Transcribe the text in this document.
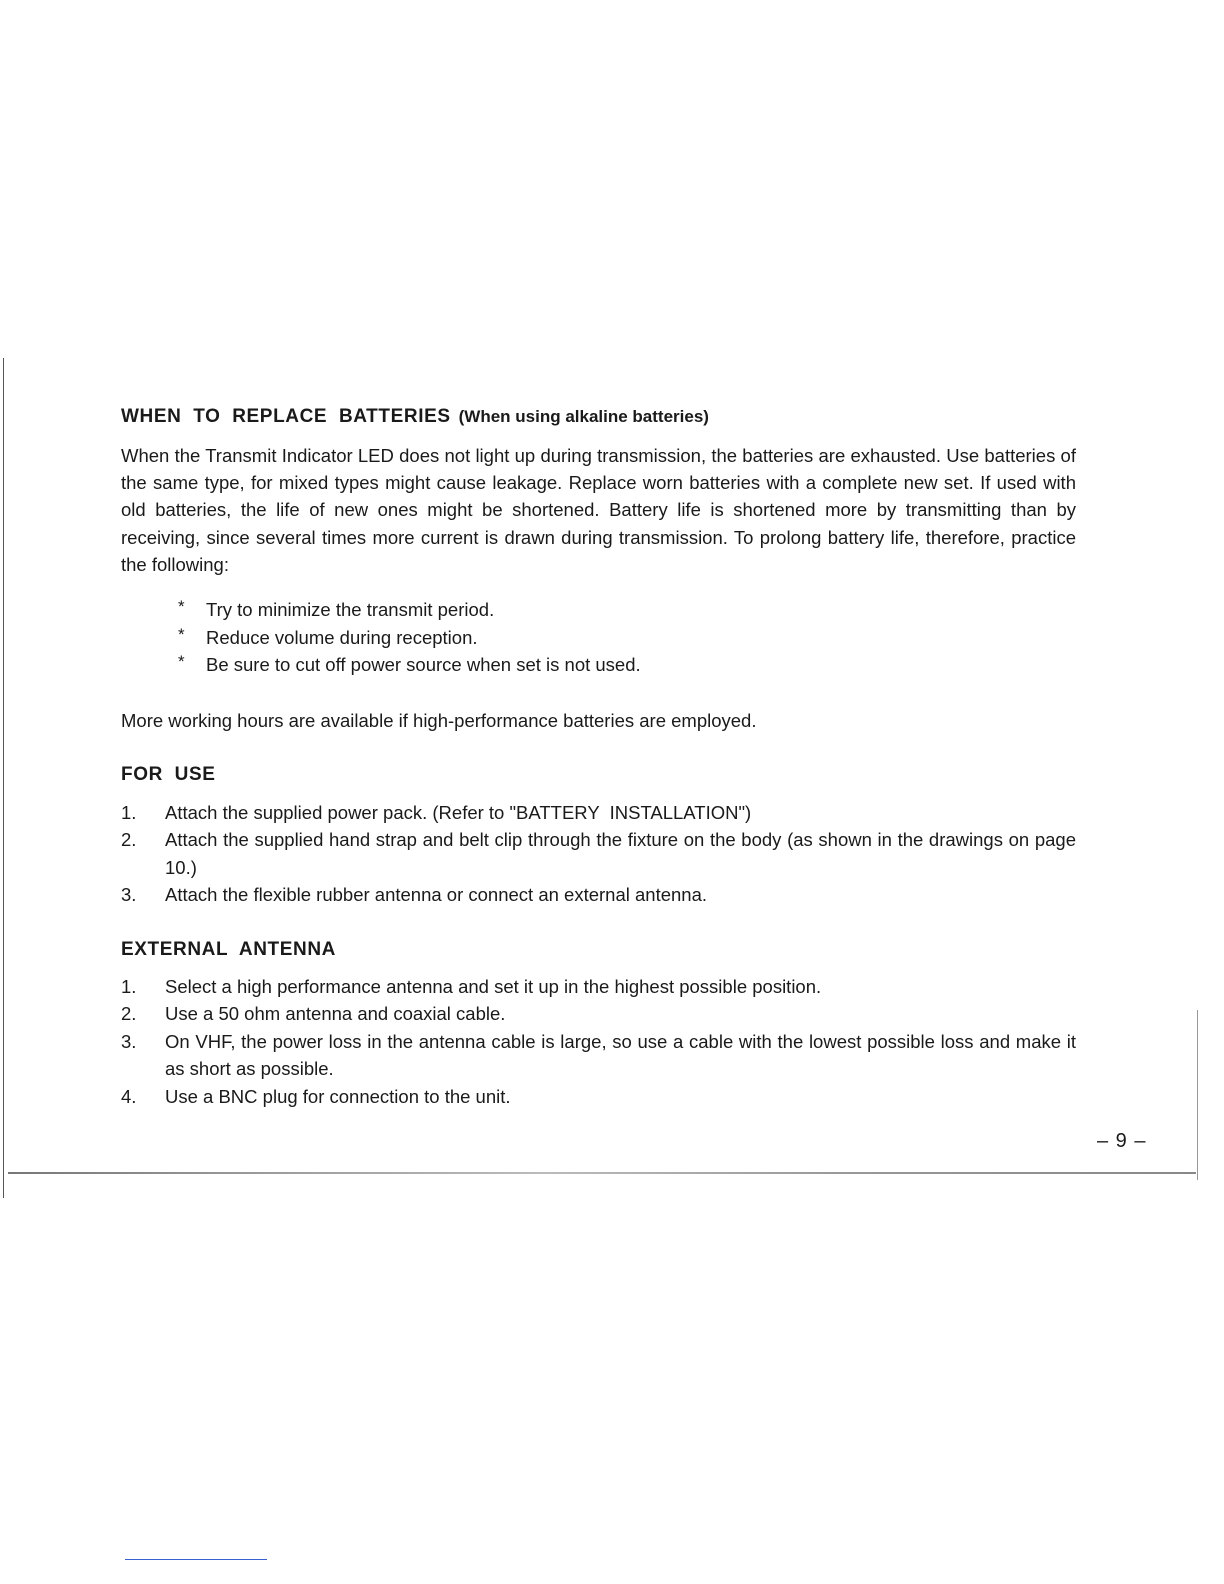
WHEN  TO  REPLACE  BATTERIES (When using alkaline batteries)

When the Transmit Indicator LED does not light up during transmission, the batteries are exhausted. Use batteries of the same type, for mixed types might cause leakage. Replace worn batteries with a complete new set. If used with old batteries, the life of new ones might be shortened. Battery life is shortened more by transmitting than by receiving, since several times more current is drawn during transmission. To prolong battery life, therefore, practice the following:

* Try to minimize the transmit period.
* Reduce volume during reception.
* Be sure to cut off power source when set is not used.

More working hours are available if high-performance batteries are employed.

FOR  USE
1. Attach the supplied power pack. (Refer to "BATTERY  INSTALLATION")
2. Attach the supplied hand strap and belt clip through the fixture on the body (as shown in the drawings on page 10.)
3. Attach the flexible rubber antenna or connect an external antenna.
EXTERNAL  ANTENNA
1. Select a high performance antenna and set it up in the highest possible position.
2. Use a 50 ohm antenna and coaxial cable.
3. On VHF, the power loss in the antenna cable is large, so use a cable with the lowest possible loss and make it as short as possible.
4. Use a BNC plug for connection to the unit.
– 9 –
